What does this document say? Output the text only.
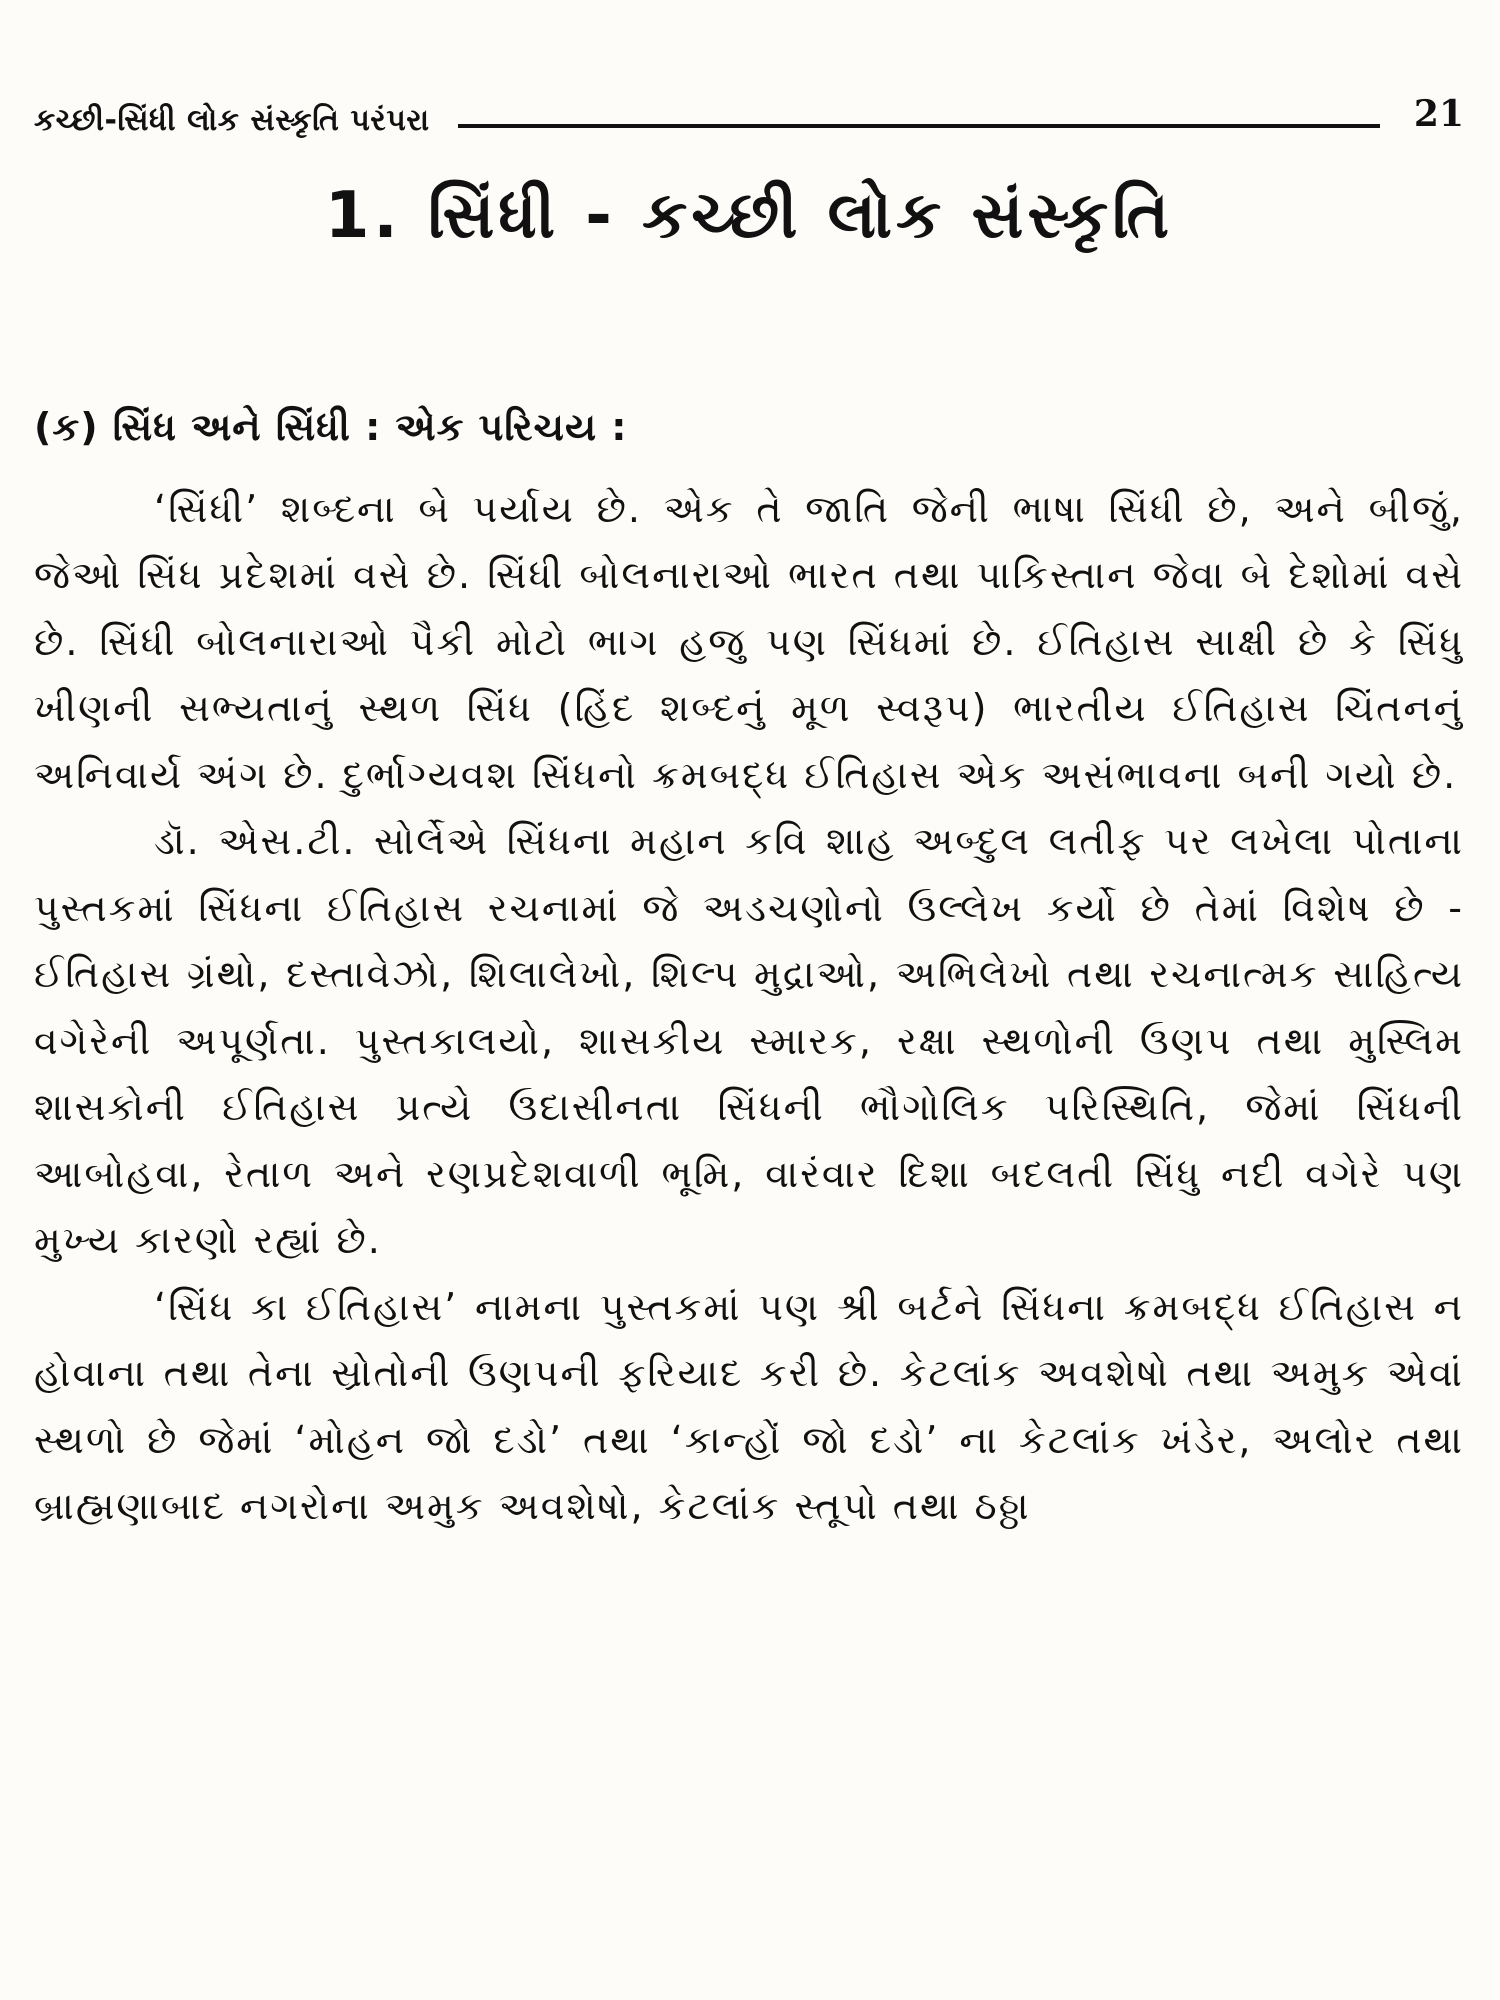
કચ્છી-સિંધી લોક સંસ્કૃતિ પરંપરા	21
1. સિંધી - કચ્છી લોક સંસ્કૃતિ
(ક) સિંધ અને સિંધી : એક પરિચય :

‘સિંધી’ શબ્દના બે પર્યાય છે. એક તે જાતિ જેની ભાષા સિંધી છે, અને બીજું, જેઓ સિંધ પ્રદેશમાં વસે છે. સિંધી બોલનારાઓ ભારત તથા પાકિસ્તાન જેવા બે દેશોમાં વસે છે. સિંધી બોલનારાઓ પૈકી મોટો ભાગ હજુ પણ સિંધમાં છે. ઈતિહાસ સાક્ષી છે કે સિંધુ ખીણની સભ્યતાનું સ્થળ સિંધ (હિંદ શબ્દનું મૂળ સ્વરૂપ) ભારતીય ઈતિહાસ ચિંતનનું અનિવાર્ય અંગ છે. દુર્ભાગ્યવશ સિંધનો ક્રમબદ્ધ ઈતિહાસ એક અસંભાવના બની ગયો છે.

ડૉ. એસ.ટી. સોર્લેએ સિંધના મહાન કવિ શાહ અબ્દુલ લતીફ પર લખેલા પોતાના પુસ્તકમાં સિંધના ઈતિહાસ રચનામાં જે અડચણોનો ઉલ્લેખ કર્યો છે તેમાં વિશેષ છે - ઈતિહાસ ગ્રંથો, દસ્તાવેઝો, શિલાલેખો, શિલ્પ મુદ્રાઓ, અભિલેખો તથા રચનાત્મક સાહિત્ય વગેરેની અપૂર્ણતા. પુસ્તકાલયો, શાસકીય સ્મારક, રક્ષા સ્થળોની ઉણપ તથા મુસ્લિમ શાસકોની ઈતિહાસ પ્રત્યે ઉદાસીનતા સિંધની ભૌગોલિક પરિસ્થિતિ, જેમાં સિંધની આબોહવા, રેતાળ અને રણપ્રદેશવાળી ભૂમિ, વારંવાર દિશા બદલતી સિંધુ નદી વગેરે પણ મુખ્ય કારણો રહ્યાં છે.

‘સિંધ કા ઈતિહાસ’ નામના પુસ્તકમાં પણ શ્રી બર્ટને સિંધના ક્રમબદ્ધ ઈતિહાસ ન હોવાના તથા તેના સ્રોતોની ઉણપની ફરિયાદ કરી છે. કેટલાંક અવશેષો તથા અમુક એવાં સ્થળો છે જેમાં ‘મોહન જો દડો’ તથા ‘કાન્હોં જો દડો’ ના કેટલાંક ખંડેર, અલોર તથા બ્રાહ્મણાબાદ નગરોના અમુક અવશેષો, કેટલાંક સ્તૂપો તથા ઠઠ્ઠા
